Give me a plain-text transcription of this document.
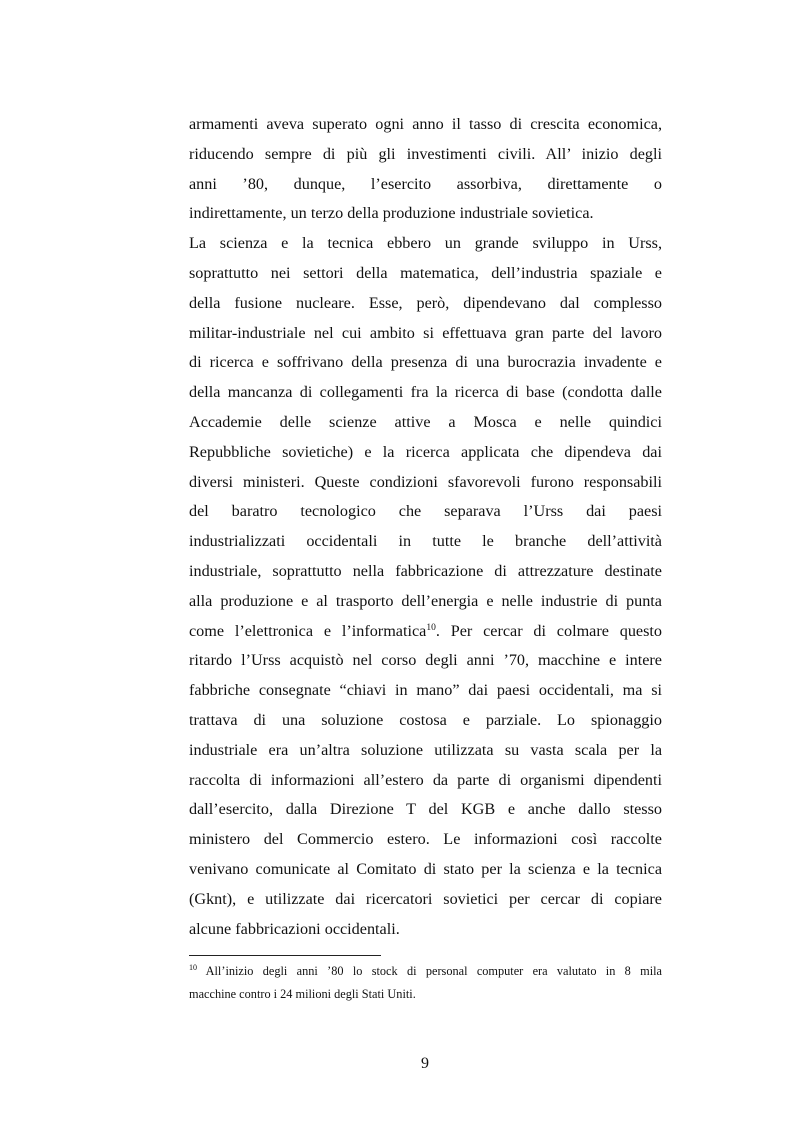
armamenti aveva superato ogni anno il tasso di crescita economica,
riducendo sempre di più gli investimenti civili. All’ inizio degli
anni ’80, dunque, l’esercito assorbiva, direttamente o
indirettamente, un terzo della produzione industriale sovietica.
La scienza e la tecnica ebbero un grande sviluppo in Urss,
soprattutto nei settori della matematica, dell’industria spaziale e
della fusione nucleare. Esse, però, dipendevano dal complesso
militar-industriale nel cui ambito si effettuava gran parte del lavoro
di ricerca e soffrivano della presenza di una burocrazia invadente e
della mancanza di collegamenti fra la ricerca di base (condotta dalle
Accademie delle scienze attive a Mosca e nelle quindici
Repubbliche sovietiche) e la ricerca applicata che dipendeva dai
diversi ministeri. Queste condizioni sfavorevoli furono responsabili
del baratro tecnologico che separava l’Urss dai paesi
industrializzati occidentali in tutte le branche dell’attività
industriale, soprattutto nella fabbricazione di attrezzature destinate
alla produzione e al trasporto dell’energia e nelle industrie di punta
come l’elettronica e l’informatica$^{10}$. Per cercar di colmare questo
ritardo l’Urss acquistò nel corso degli anni ’70, macchine e intere
fabbriche consegnate “chiavi in mano” dai paesi occidentali, ma si
trattava di una soluzione costosa e parziale. Lo spionaggio
industriale era un’altra soluzione utilizzata su vasta scala per la
raccolta di informazioni all’estero da parte di organismi dipendenti
dall’esercito, dalla Direzione T del KGB e anche dallo stesso
ministero del Commercio estero. Le informazioni così raccolte
venivano comunicate al Comitato di stato per la scienza e la tecnica
(Gknt), e utilizzate dai ricercatori sovietici per cercar di copiare
alcune fabbricazioni occidentali.
$^{10}$ All’inizio degli anni ’80 lo stock di personal computer era valutato in 8 mila
macchine contro i 24 milioni degli Stati Uniti.
9
